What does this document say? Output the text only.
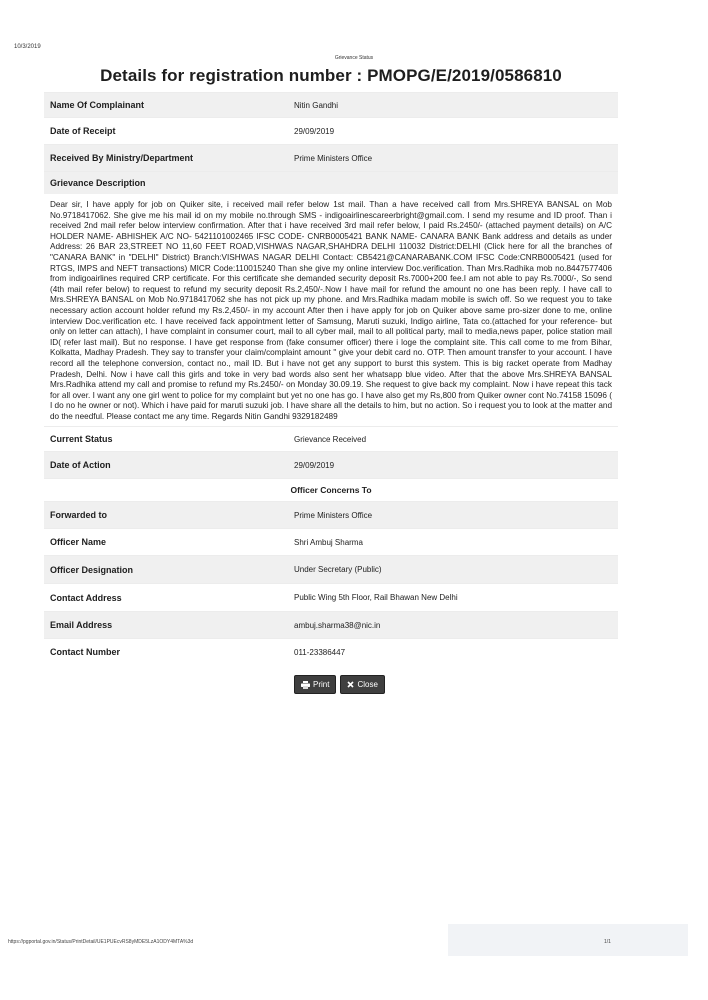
10/3/2019
Grievance Status
Details for registration number : PMOPG/E/2019/0586810
Name Of Complainant	Nitin Gandhi
Date of Receipt	29/09/2019
Received By Ministry/Department	Prime Ministers Office
Grievance Description

Dear sir, I have apply for job on Quiker site, i received mail refer below 1st mail. Than a have received call from Mrs.SHREYA BANSAL on Mob No.9718417062. She give me his mail id on my mobile no.through SMS - indigoairlinescareerbright@gmail.com. I send my resume and ID proof. Than i received 2nd mail refer below interview confirmation. After that i have received 3rd mail refer below, I paid Rs.2450/- (attached payment details) on A/C HOLDER NAME- ABHISHEK A/C NO- 5421101002465 IFSC CODE- CNRB0005421 BANK NAME- CANARA BANK Bank address and details as under Address: 26 BAR 23,STREET NO 11,60 FEET ROAD,VISHWAS NAGAR,SHAHDRA DELHI 110032 District:DELHI (Click here for all the branches of "CANARA BANK" in "DELHI" District) Branch:VISHWAS NAGAR DELHI Contact: CB5421@CANARABANK.COM IFSC Code:CNRB0005421 (used for RTGS, IMPS and NEFT transactions) MICR Code:110015240 Than she give my online interview Doc.verification. Than Mrs.Radhika mob no.8447577406 from indigoairlines required CRP certificate. For this certificate she demanded security deposit Rs.7000+200 fee.I am not able to pay Rs.7000/-, So send (4th mail refer below) to request to refund my security deposit Rs.2,450/-.Now I have mail for refund the amount no one has been reply. I have call to Mrs.SHREYA BANSAL on Mob No.9718417062 she has not pick up my phone. and Mrs.Radhika madam mobile is swich off. So we request you to take necessary action account holder refund my Rs.2,450/- in my account After then i have apply for job on Quiker above same pro-sizer done to me, online interview Doc.verification etc. I have received fack appointment letter of Samsung, Maruti suzuki, Indigo airline, Tata co.(attached for your reference- but only on letter can attach), I have complaint in consumer court, mail to all cyber mail, mail to all political party, mail to media,news paper, police station mail ID( refer last mail). But no response. I have get response from (fake consumer officer) there i loge the complaint site. This call come to me from Bihar, Kolkatta, Madhay Pradesh. They say to transfer your claim/complaint amount " give your debit card no. OTP. Then amount transfer to your account. I have record all the telephone conversion, contact no., mail ID. But i have not get any support to burst this system. This is big racket operate from Madhay Pradesh, Delhi. Now i have call this girls and toke in very bad words also sent her whatsapp blue video. After that the above Mrs.SHREYA BANSAL Mrs.Radhika attend my call and promise to refund my Rs.2450/- on Monday 30.09.19. She request to give back my complaint. Now i have repeat this tack for all over. I want any one girl went to police for my complaint but yet no one has go. I have also get my Rs,800 from Quiker owner cont No.74158 15096 ( I do no he owner or not). Which i have paid for maruti suzuki job. I have share all the details to him, but no action. So i request you to look at the matter and do the needful. Please contact me any time. Regards Nitin Gandhi 9329182489

Current Status	Grievance Received
Date of Action	29/09/2019
Officer Concerns To
Forwarded to	Prime Ministers Office
Officer Name	Shri Ambuj Sharma
Officer Designation	Under Secretary (Public)
Contact Address	Public Wing 5th Floor, Rail Bhawan New Delhi
Email Address	ambuj.sharma38@nic.in
Contact Number	011-23386447
Print	Close
https://pgportal.gov.in/Status/PrintDetail/UE1PUEcvRS8yMDE5LzA1ODY4MTA%3d	1/1
